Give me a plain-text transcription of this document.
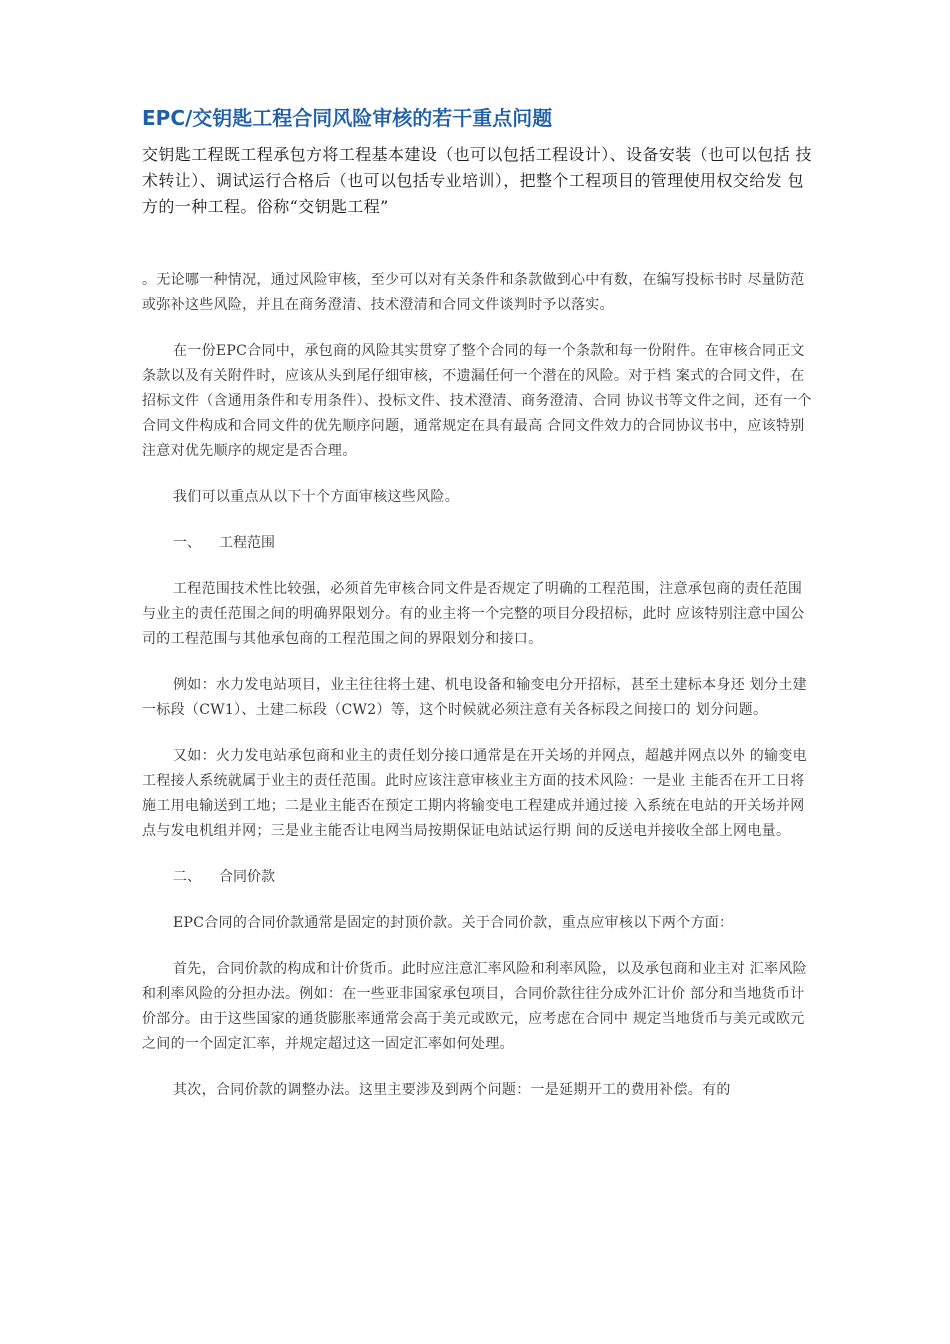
EPC/交钥匙工程合同风险审核的若干重点问题

交钥匙工程既工程承包方将工程基本建设（也可以包括工程设计）、设备安装（也可以包括 技术转让）、调试运行合格后（也可以包括专业培训），把整个工程项目的管理使用权交给发 包方的一种工程。俗称“交钥匙工程”

。无论哪一种情况，通过风险审核，至少可以对有关条件和条款做到心中有数，在编写投标书时 尽量防范或弥补这些风险，并且在商务澄清、技术澄清和合同文件谈判时予以落实。

在一份EPC合同中，承包商的风险其实贯穿了整个合同的每一个条款和每一份附件。在审核合同正文条款以及有关附件时，应该从头到尾仔细审核，不遗漏任何一个潜在的风险。对于档 案式的合同文件，在招标文件（含通用条件和专用条件）、投标文件、技术澄清、商务澄清、合同 协议书等文件之间，还有一个合同文件构成和合同文件的优先顺序问题，通常规定在具有最高 合同文件效力的合同协议书中，应该特别注意对优先顺序的规定是否合理。

我们可以重点从以下十个方面审核这些风险。

一、 工程范围

工程范围技术性比较强，必须首先审核合同文件是否规定了明确的工程范围，注意承包商的责任范围与业主的责任范围之间的明确界限划分。有的业主将一个完整的项目分段招标，此时 应该特别注意中国公司的工程范围与其他承包商的工程范围之间的界限划分和接口。

例如：水力发电站项目，业主往往将土建、机电设备和输变电分开招标，甚至土建标本身还 划分土建一标段（CW1）、土建二标段（CW2）等，这个时候就必须注意有关各标段之间接口的 划分问题。

又如：火力发电站承包商和业主的责任划分接口通常是在开关场的并网点，超越并网点以外 的输变电工程接人系统就属于业主的责任范围。此时应该注意审核业主方面的技术风险：一是业 主能否在开工日将施工用电输送到工地；二是业主能否在预定工期内将输变电工程建成并通过接 入系统在电站的开关场并网点与发电机组并网；三是业主能否让电网当局按期保证电站试运行期 间的反送电并接收全部上网电量。

二、 合同价款

EPC合同的合同价款通常是固定的封顶价款。关于合同价款，重点应审核以下两个方面：

首先，合同价款的构成和计价货币。此时应注意汇率风险和利率风险，以及承包商和业主对 汇率风险和利率风险的分担办法。例如：在一些亚非国家承包项目，合同价款往往分成外汇计价 部分和当地货币计价部分。由于这些国家的通货膨胀率通常会高于美元或欧元，应考虑在合同中 规定当地货币与美元或欧元之间的一个固定汇率，并规定超过这一固定汇率如何处理。

其次，合同价款的调整办法。这里主要涉及到两个问题：一是延期开工的费用补偿。有的
